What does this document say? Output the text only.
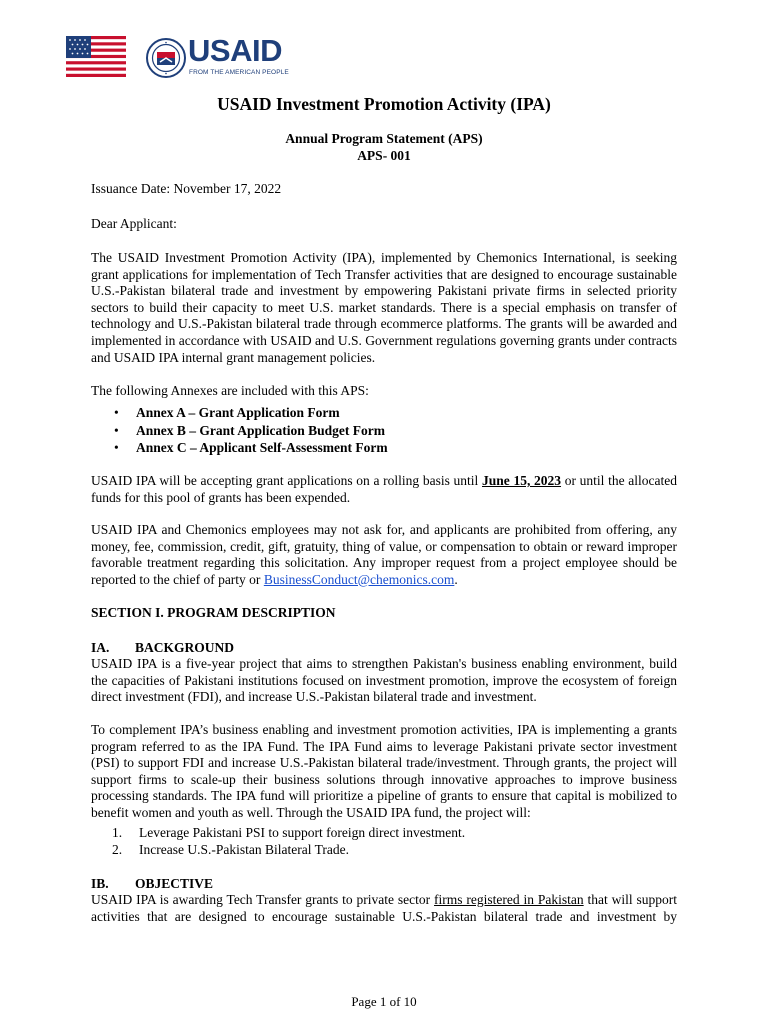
USAID
FROM THE AMERICAN PEOPLE
USAID Investment Promotion Activity (IPA)
Annual Program Statement (APS)
APS- 001
Issuance Date: November 17, 2022
Dear Applicant:
The USAID Investment Promotion Activity (IPA), implemented by Chemonics International, is seeking grant applications for implementation of Tech Transfer activities that are designed to encourage sustainable U.S.-Pakistan bilateral trade and investment by empowering Pakistani private firms in selected priority sectors to build their capacity to meet U.S. market standards. There is a special emphasis on transfer of technology and U.S.-Pakistan bilateral trade through ecommerce platforms. The grants will be awarded and implemented in accordance with USAID and U.S. Government regulations governing grants under contracts and USAID IPA internal grant management policies.
The following Annexes are included with this APS:
• Annex A – Grant Application Form
• Annex B – Grant Application Budget Form
• Annex C – Applicant Self-Assessment Form
USAID IPA will be accepting grant applications on a rolling basis until June 15, 2023 or until the allocated funds for this pool of grants has been expended.
USAID IPA and Chemonics employees may not ask for, and applicants are prohibited from offering, any money, fee, commission, credit, gift, gratuity, thing of value, or compensation to obtain or reward improper favorable treatment regarding this solicitation. Any improper request from a project employee should be reported to the chief of party or BusinessConduct@chemonics.com.
SECTION I. PROGRAM DESCRIPTION
IA. BACKGROUND
USAID IPA is a five-year project that aims to strengthen Pakistan's business enabling environment, build the capacities of Pakistani institutions focused on investment promotion, improve the ecosystem of foreign direct investment (FDI), and increase U.S.-Pakistan bilateral trade and investment.
To complement IPA’s business enabling and investment promotion activities, IPA is implementing a grants program referred to as the IPA Fund. The IPA Fund aims to leverage Pakistani private sector investment (PSI) to support FDI and increase U.S.-Pakistan bilateral trade/investment. Through grants, the project will support firms to scale-up their business solutions through innovative approaches to improve business processing standards. The IPA fund will prioritize a pipeline of grants to ensure that capital is mobilized to benefit women and youth as well. Through the USAID IPA fund, the project will:
1. Leverage Pakistani PSI to support foreign direct investment.
2. Increase U.S.-Pakistan Bilateral Trade.
IB. OBJECTIVE
USAID IPA is awarding Tech Transfer grants to private sector firms registered in Pakistan that will support activities that are designed to encourage sustainable U.S.-Pakistan bilateral trade and investment by
Page 1 of 10
